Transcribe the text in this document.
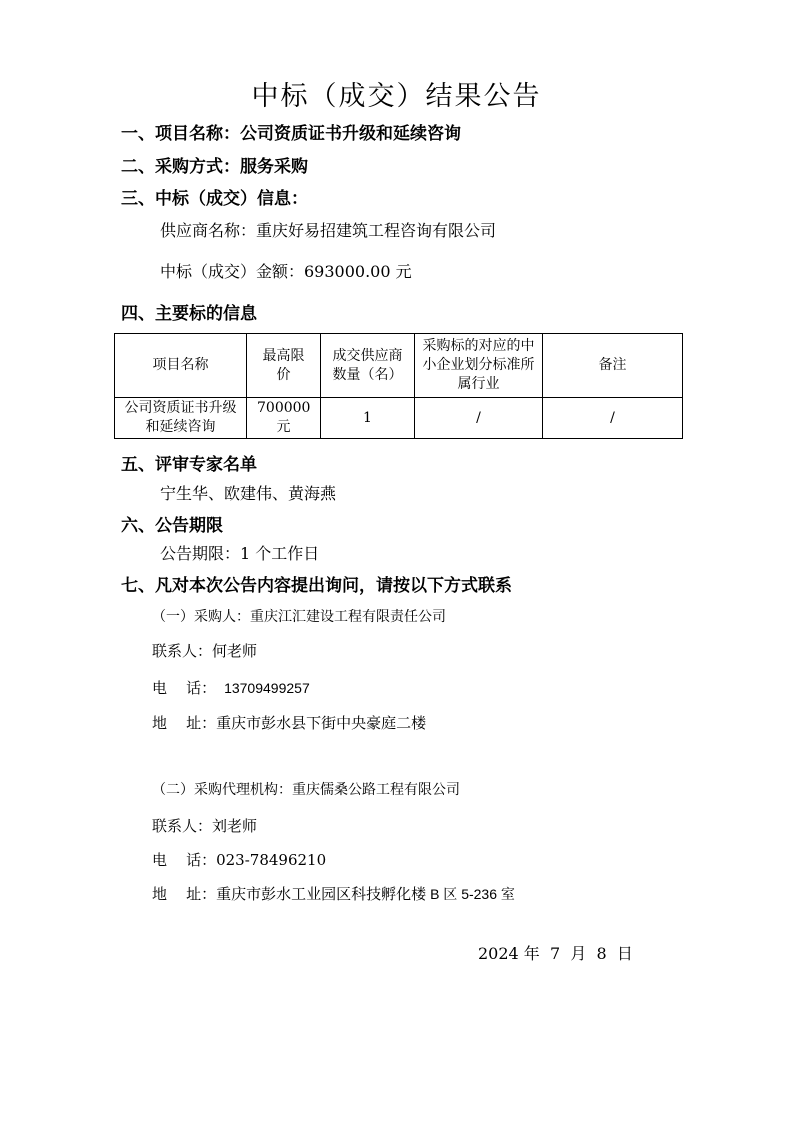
中标（成交）结果公告
一、项目名称：公司资质证书升级和延续咨询
二、采购方式：服务采购
三、中标（成交）信息：
供应商名称：重庆好易招建筑工程咨询有限公司
中标（成交）金额：693000.00 元
四、主要标的信息
项目名称	最高限价	成交供应商数量（名）	采购标的对应的中小企业划分标准所属行业	备注
公司资质证书升级和延续咨询	700000元	1	/	/
五、评审专家名单
宁生华、欧建伟、黄海燕
六、公告期限
公告期限：1 个工作日
七、凡对本次公告内容提出询问，请按以下方式联系
（一）采购人：重庆江汇建设工程有限责任公司
联系人：何老师
电    话： 13709499257
地    址：重庆市彭水县下街中央豪庭二楼
（二）采购代理机构：重庆儒桑公路工程有限公司
联系人：刘老师
电    话：023-78496210
地    址：重庆市彭水工业园区科技孵化楼 B 区 5-236 室
2024 年  7  月  8  日
